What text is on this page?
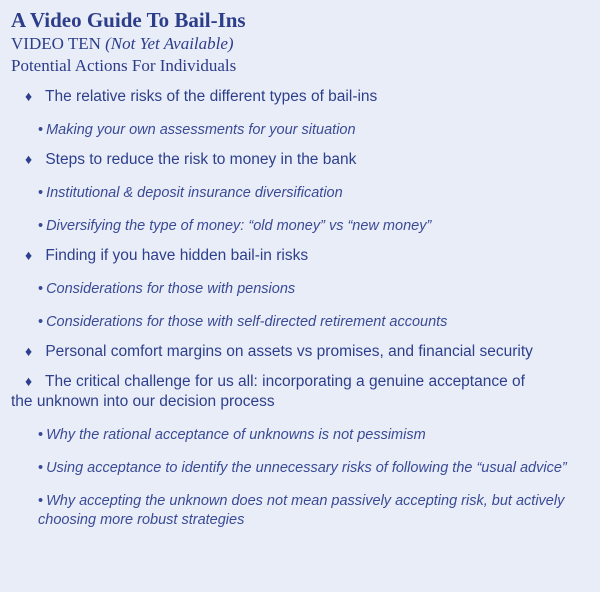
A Video Guide To Bail-Ins

VIDEO TEN (Not Yet Available)

Potential Actions For Individuals

♦ The relative risks of the different types of bail-ins
• Making your own assessments for your situation
♦ Steps to reduce the risk to money in the bank
• Institutional & deposit insurance diversification
• Diversifying the type of money: “old money” vs “new money”
♦ Finding if you have hidden bail-in risks
• Considerations for those with pensions
• Considerations for those with self-directed retirement accounts
♦ Personal comfort margins on assets vs promises, and financial security
♦ The critical challenge for us all: incorporating a genuine acceptance of
the unknown into our decision process
• Why the rational acceptance of unknowns is not pessimism
• Using acceptance to identify the unnecessary risks of following the “usual advice”
• Why accepting the unknown does not mean passively accepting risk, but actively
choosing more robust strategies
